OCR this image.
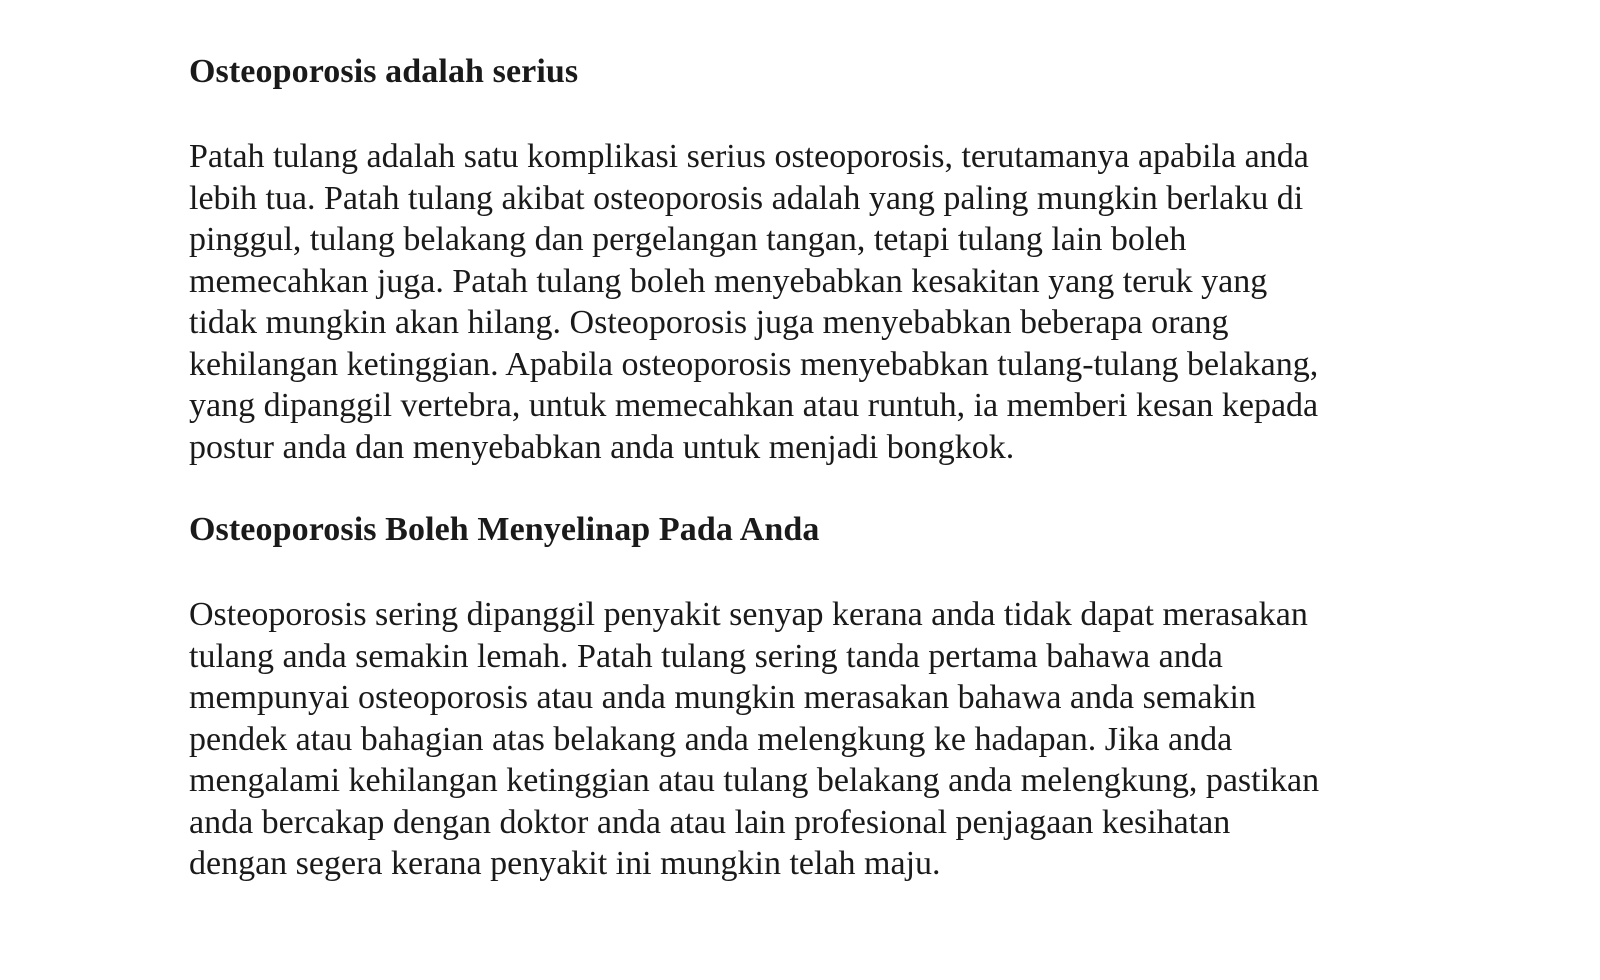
Osteoporosis adalah serius
Patah tulang adalah satu komplikasi serius osteoporosis, terutamanya apabila anda
lebih tua. Patah tulang akibat osteoporosis adalah yang paling mungkin berlaku di
pinggul, tulang belakang dan pergelangan tangan, tetapi tulang lain boleh
memecahkan juga. Patah tulang boleh menyebabkan kesakitan yang teruk yang
tidak mungkin akan hilang. Osteoporosis juga menyebabkan beberapa orang
kehilangan ketinggian. Apabila osteoporosis menyebabkan tulang-tulang belakang,
yang dipanggil vertebra, untuk memecahkan atau runtuh, ia memberi kesan kepada
postur anda dan menyebabkan anda untuk menjadi bongkok.
Osteoporosis Boleh Menyelinap Pada Anda
Osteoporosis sering dipanggil penyakit senyap kerana anda tidak dapat merasakan
tulang anda semakin lemah. Patah tulang sering tanda pertama bahawa anda
mempunyai osteoporosis atau anda mungkin merasakan bahawa anda semakin
pendek atau bahagian atas belakang anda melengkung ke hadapan. Jika anda
mengalami kehilangan ketinggian atau tulang belakang anda melengkung, pastikan
anda bercakap dengan doktor anda atau lain profesional penjagaan kesihatan
dengan segera kerana penyakit ini mungkin telah maju.
